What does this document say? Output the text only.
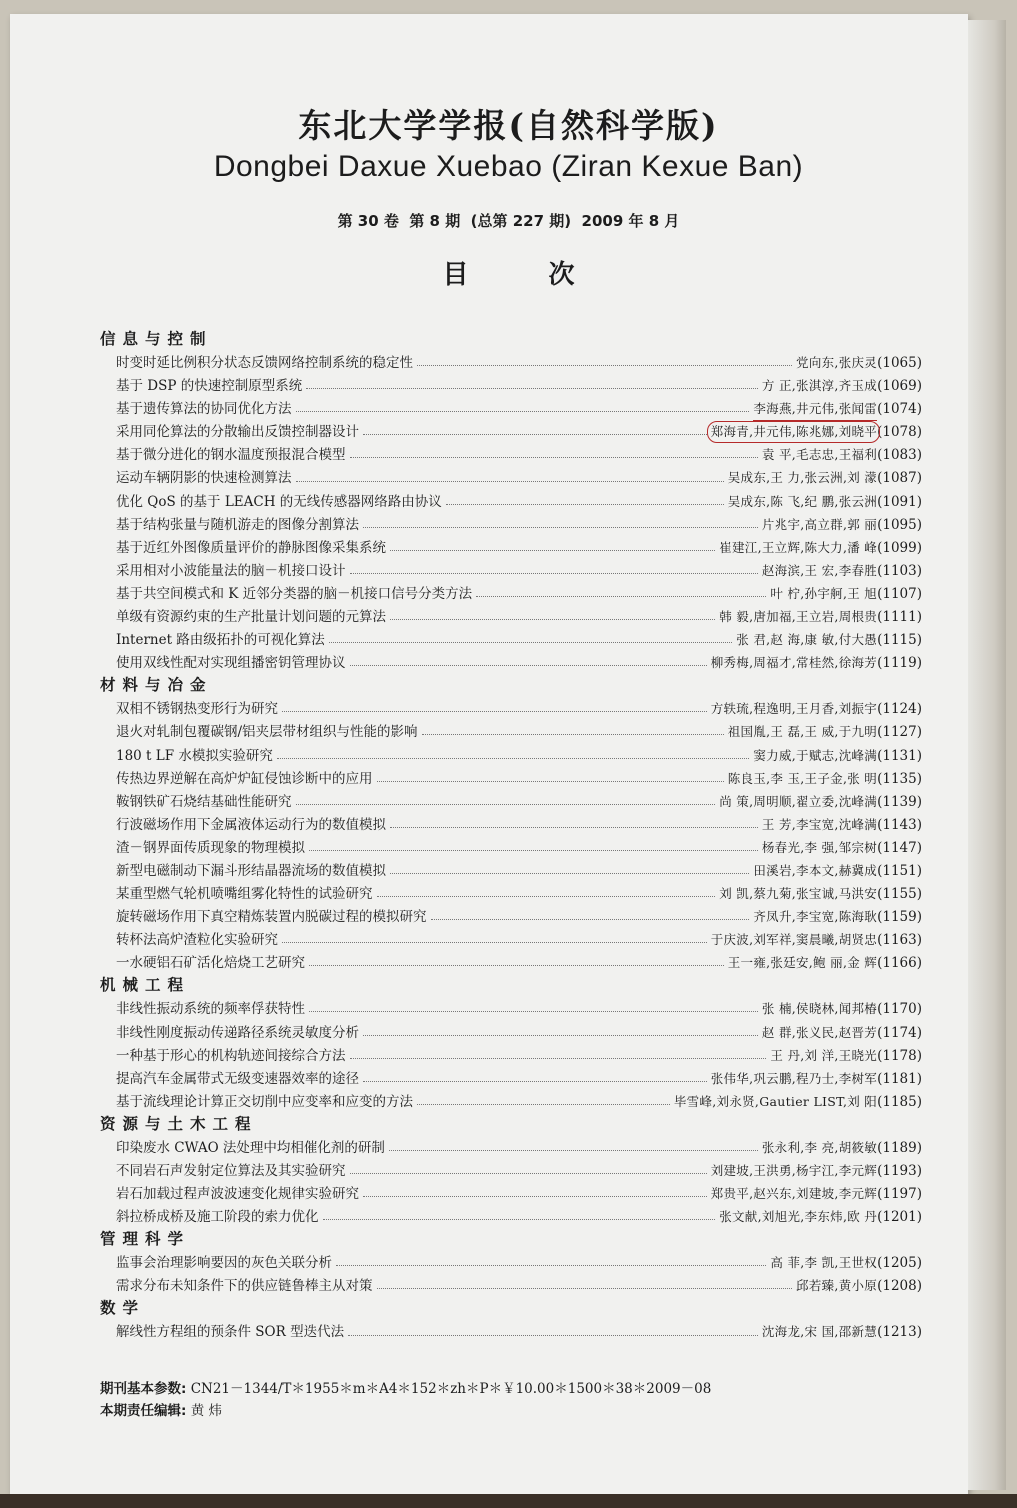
东北大学学报(自然科学版)
Dongbei Daxue Xuebao (Ziran Kexue Ban)
第 30 卷  第 8 期  (总第 227 期)  2009 年 8 月
目次
信息与控制
时变时延比例积分状态反馈网络控制系统的稳定性	党向东,张庆灵 (1065)
基于 DSP 的快速控制原型系统	方 正,张淇淳,齐玉成 (1069)
基于遗传算法的协同优化方法	李海燕,井元伟,张闻雷 (1074)
采用同伦算法的分散输出反馈控制器设计	郑海青,井元伟,陈兆娜,刘晓平 (1078)
基于微分进化的钢水温度预报混合模型	袁 平,毛志忠,王福利 (1083)
运动车辆阴影的快速检测算法	吴成东,王 力,张云洲,刘 濛 (1087)
优化 QoS 的基于 LEACH 的无线传感器网络路由协议	吴成东,陈 飞,纪 鹏,张云洲 (1091)
基于结构张量与随机游走的图像分割算法	片兆宇,高立群,郭 丽 (1095)
基于近红外图像质量评价的静脉图像采集系统	崔建江,王立辉,陈大力,潘 峰 (1099)
采用相对小波能量法的脑－机接口设计	赵海滨,王 宏,李春胜 (1103)
基于共空间模式和 K 近邻分类器的脑－机接口信号分类方法	叶 柠,孙宇舸,王 旭 (1107)
单级有资源约束的生产批量计划问题的元算法	韩 毅,唐加福,王立岩,周根贵 (1111)
Internet 路由级拓扑的可视化算法	张 君,赵 海,康 敏,付大愚 (1115)
使用双线性配对实现组播密钥管理协议	柳秀梅,周福才,常桂然,徐海芳 (1119)
材料与冶金
双相不锈钢热变形行为研究	方轶琉,程逸明,王月香,刘振宇 (1124)
退火对轧制包覆碳钢/铝夹层带材组织与性能的影响	祖国胤,王 磊,王 威,于九明 (1127)
180 t LF 水模拟实验研究	窦力威,于赋志,沈峰满 (1131)
传热边界逆解在高炉炉缸侵蚀诊断中的应用	陈良玉,李 玉,王子金,张 明 (1135)
鞍钢铁矿石烧结基础性能研究	尚 策,周明顺,翟立委,沈峰满 (1139)
行波磁场作用下金属液体运动行为的数值模拟	王 芳,李宝宽,沈峰满 (1143)
渣－钢界面传质现象的物理模拟	杨春光,李 强,邹宗树 (1147)
新型电磁制动下漏斗形结晶器流场的数值模拟	田溪岩,李本文,赫冀成 (1151)
某重型燃气轮机喷嘴组雾化特性的试验研究	刘 凯,蔡九菊,张宝诚,马洪安 (1155)
旋转磁场作用下真空精炼装置内脱碳过程的模拟研究	齐凤升,李宝宽,陈海耿 (1159)
转杯法高炉渣粒化实验研究	于庆波,刘军祥,窦晨曦,胡贤忠 (1163)
一水硬铝石矿活化焙烧工艺研究	王一雍,张廷安,鲍 丽,金 辉 (1166)
机械工程
非线性振动系统的频率俘获特性	张 楠,侯晓林,闻邦椿 (1170)
非线性刚度振动传递路径系统灵敏度分析	赵 群,张义民,赵晋芳 (1174)
一种基于形心的机构轨迹间接综合方法	王 丹,刘 洋,王晓光 (1178)
提高汽车金属带式无级变速器效率的途径	张伟华,巩云鹏,程乃士,李树军 (1181)
基于流线理论计算正交切削中应变率和应变的方法	毕雪峰,刘永贤,Gautier LIST,刘 阳 (1185)
资源与土木工程
印染废水 CWAO 法处理中均相催化剂的研制	张永利,李 亮,胡筱敏 (1189)
不同岩石声发射定位算法及其实验研究	刘建坡,王洪勇,杨宇江,李元辉 (1193)
岩石加载过程声波波速变化规律实验研究	郑贵平,赵兴东,刘建坡,李元辉 (1197)
斜拉桥成桥及施工阶段的索力优化	张文献,刘旭光,李东炜,欧 丹 (1201)
管理科学
监事会治理影响要因的灰色关联分析	高 菲,李 凯,王世权 (1205)
需求分布未知条件下的供应链鲁棒主从对策	邱若臻,黄小原 (1208)
数学
解线性方程组的预条件 SOR 型迭代法	沈海龙,宋 国,邵新慧 (1213)
期刊基本参数: CN21－1344/T＊1955＊m＊A4＊152＊zh＊P＊￥10.00＊1500＊38＊2009－08
本期责任编辑: 黄 炜
